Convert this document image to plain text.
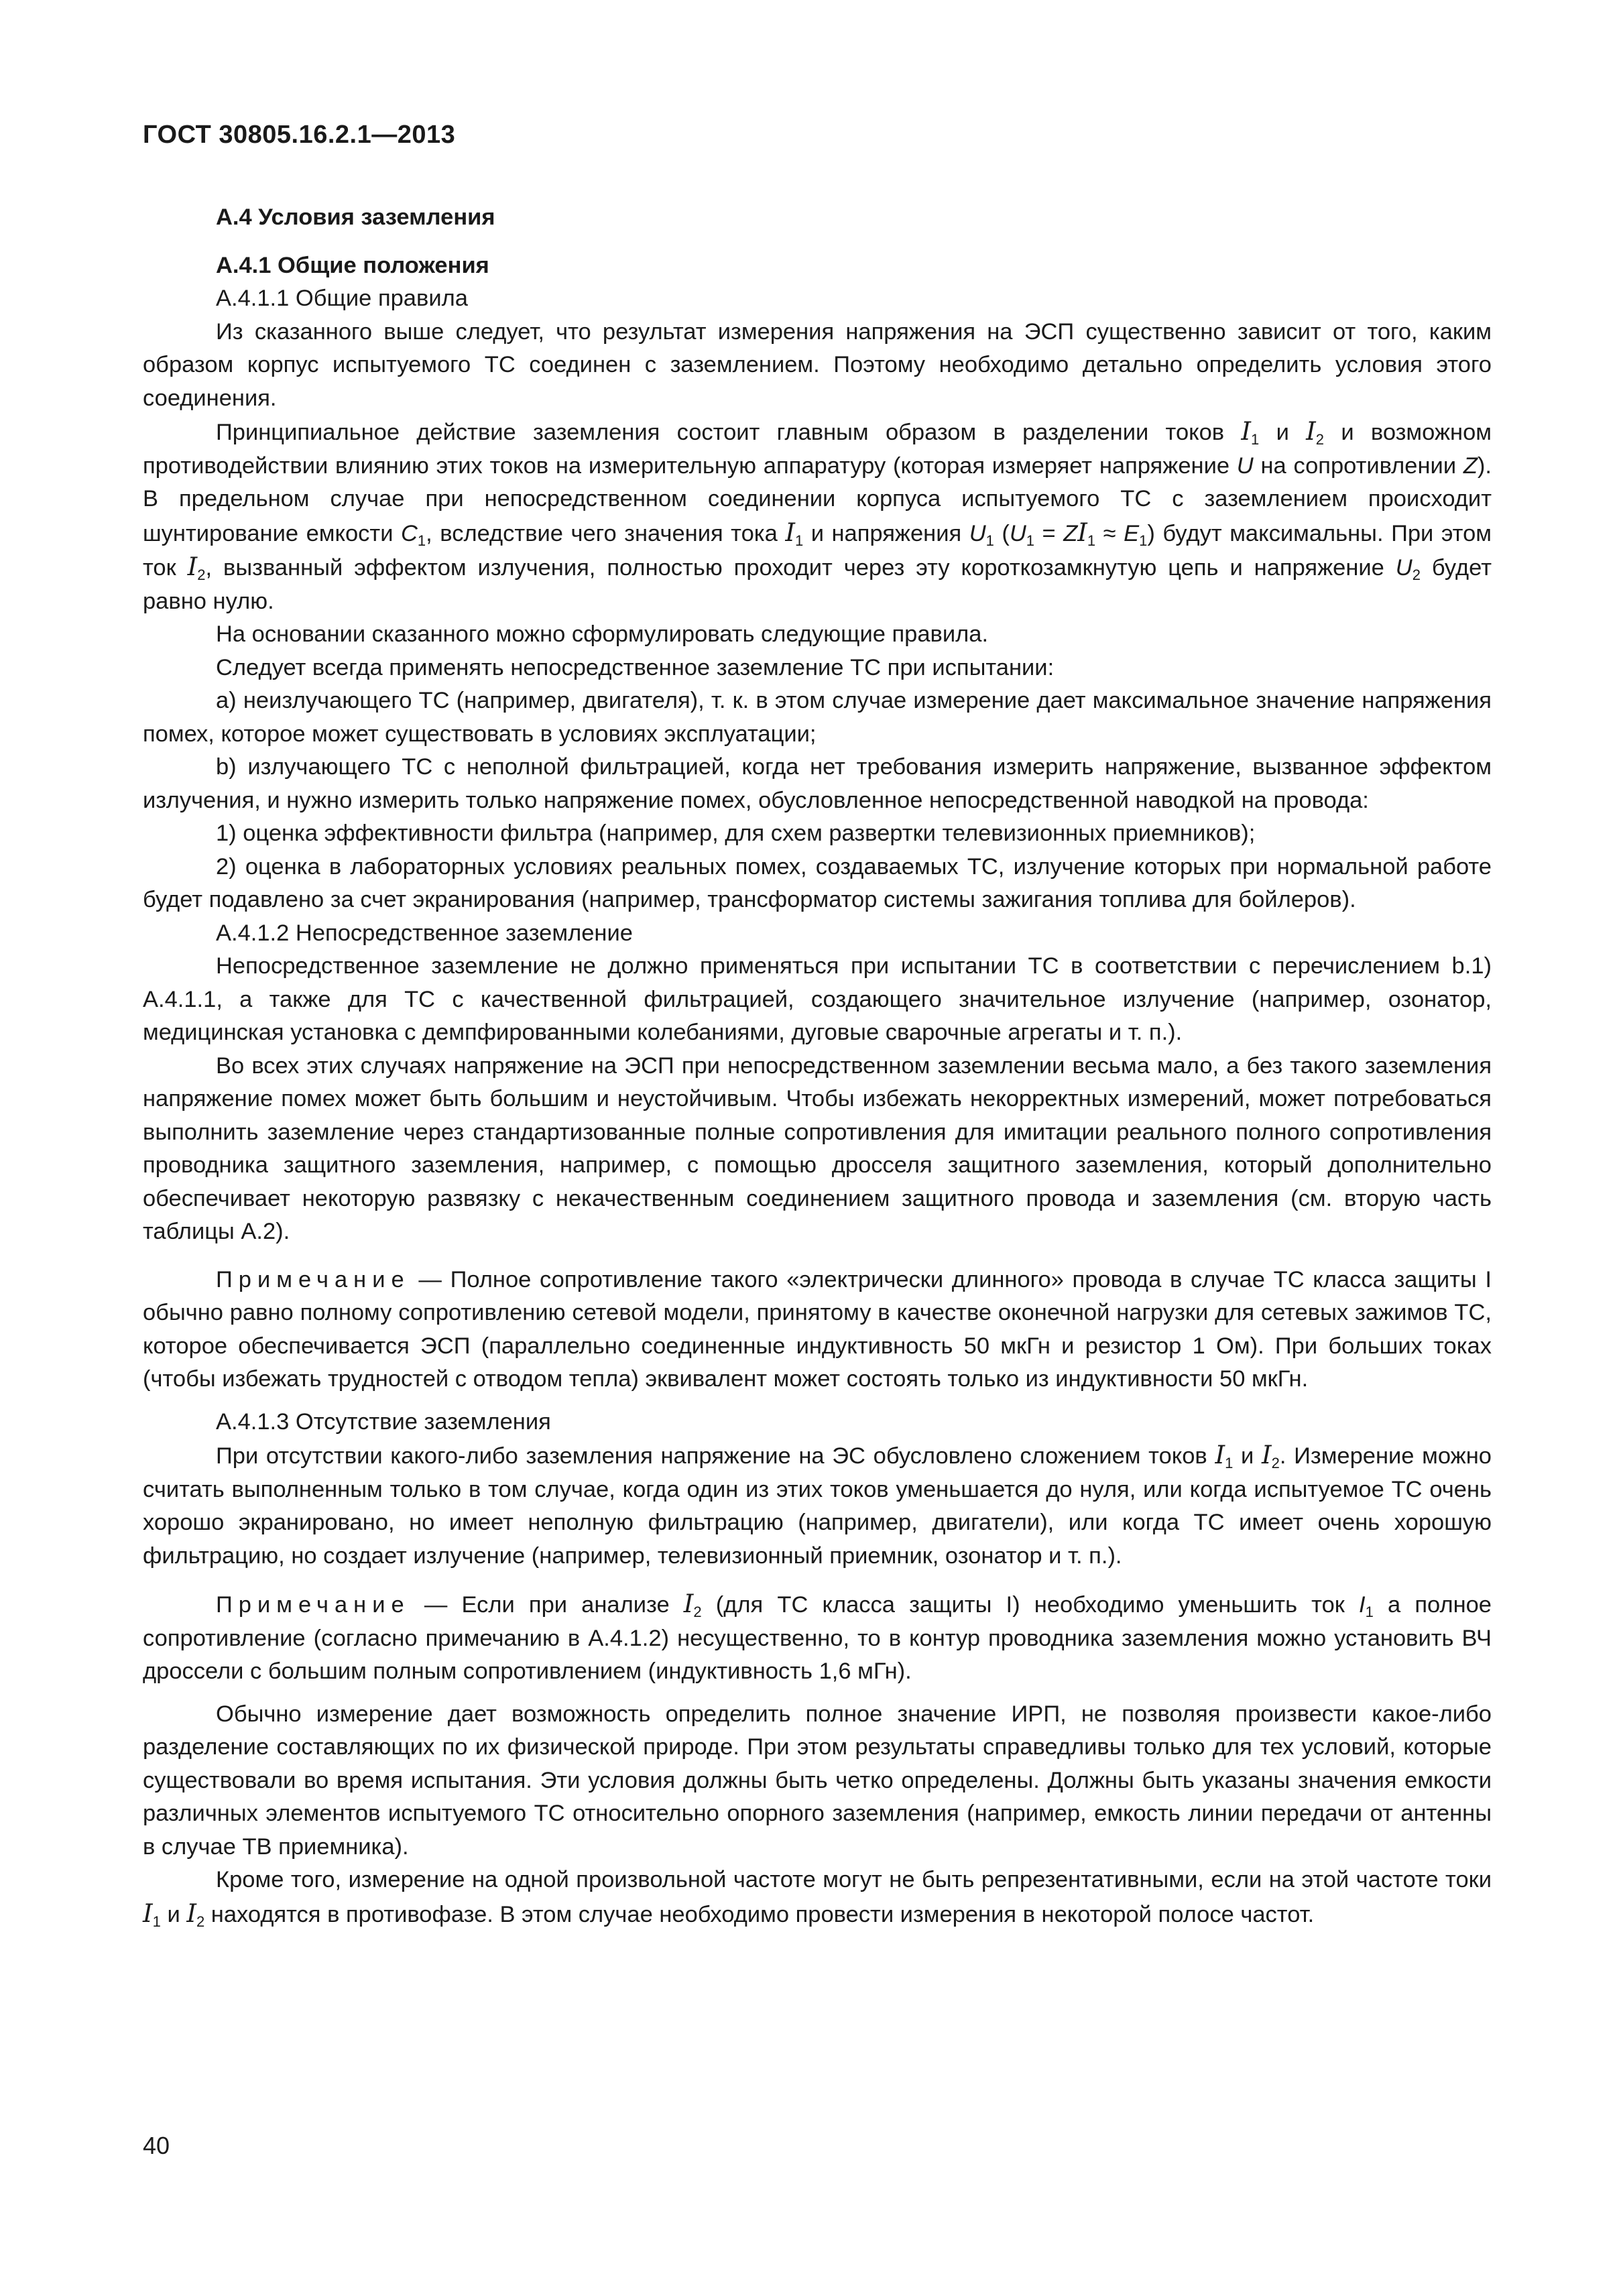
ГОСТ 30805.16.2.1—2013

А.4 Условия заземления

А.4.1 Общие положения

А.4.1.1 Общие правила

Из сказанного выше следует, что результат измерения напряжения на ЭСП существенно зависит от того, каким образом корпус испытуемого ТС соединен с заземлением. Поэтому необходимо детально определить условия этого соединения.

Принципиальное действие заземления состоит главным образом в разделении токов $I_1$ и $I_2$ и возможном противодействии влиянию этих токов на измерительную аппаратуру (которая измеряет напряжение U на сопротивлении Z). В предельном случае при непосредственном соединении корпуса испытуемого ТС с заземлением происходит шунтирование емкости $C_1$, вследствие чего значения тока $I_1$ и напряжения $U_1$ $(U_1 = ZI_1 \approx E_1)$ будут максимальны. При этом ток $I_2$, вызванный эффектом излучения, полностью проходит через эту короткозамкнутую цепь и напряжение $U_2$ будет равно нулю.

На основании сказанного можно сформулировать следующие правила.

Следует всегда применять непосредственное заземление ТС при испытании:

а) неизлучающего ТС (например, двигателя), т. к. в этом случае измерение дает максимальное значение напряжения помех, которое может существовать в условиях эксплуатации;

b) излучающего ТС с неполной фильтрацией, когда нет требования измерить напряжение, вызванное эффектом излучения, и нужно измерить только напряжение помех, обусловленное непосредственной наводкой на провода:

1) оценка эффективности фильтра (например, для схем развертки телевизионных приемников);

2) оценка в лабораторных условиях реальных помех, создаваемых ТС, излучение которых при нормальной работе будет подавлено за счет экранирования (например, трансформатор системы зажигания топлива для бойлеров).

А.4.1.2 Непосредственное заземление

Непосредственное заземление не должно применяться при испытании ТС в соответствии с перечислением b.1) А.4.1.1, а также для ТС с качественной фильтрацией, создающего значительное излучение (например, озонатор, медицинская установка с демпфированными колебаниями, дуговые сварочные агрегаты и т. п.).

Во всех этих случаях напряжение на ЭСП при непосредственном заземлении весьма мало, а без такого заземления напряжение помех может быть большим и неустойчивым. Чтобы избежать некорректных измерений, может потребоваться выполнить заземление через стандартизованные полные сопротивления для имитации реального полного сопротивления проводника защитного заземления, например, с помощью дросселя защитного заземления, который дополнительно обеспечивает некоторую развязку с некачественным соединением защитного провода и заземления (см. вторую часть таблицы А.2).

Примечание — Полное сопротивление такого «электрически длинного» провода в случае ТС класса защиты I обычно равно полному сопротивлению сетевой модели, принятому в качестве оконечной нагрузки для сетевых зажимов ТС, которое обеспечивается ЭСП (параллельно соединенные индуктивность 50 мкГн и резистор 1 Ом). При больших токах (чтобы избежать трудностей с отводом тепла) эквивалент может состоять только из индуктивности 50 мкГн.

А.4.1.3 Отсутствие заземления

При отсутствии какого-либо заземления напряжение на ЭС обусловлено сложением токов $I_1$ и $I_2$. Измерение можно считать выполненным только в том случае, когда один из этих токов уменьшается до нуля, или когда испытуемое ТС очень хорошо экранировано, но имеет неполную фильтрацию (например, двигатели), или когда ТС имеет очень хорошую фильтрацию, но создает излучение (например, телевизионный приемник, озонатор и т. п.).

Примечание — Если при анализе $I_2$ (для ТС класса защиты I) необходимо уменьшить ток $I_1$ а полное сопротивление (согласно примечанию в А.4.1.2) несущественно, то в контур проводника заземления можно установить ВЧ дроссели с большим полным сопротивлением (индуктивность 1,6 мГн).

Обычно измерение дает возможность определить полное значение ИРП, не позволяя произвести какое-либо разделение составляющих по их физической природе. При этом результаты справедливы только для тех условий, которые существовали во время испытания. Эти условия должны быть четко определены. Должны быть указаны значения емкости различных элементов испытуемого ТС относительно опорного заземления (например, емкость линии передачи от антенны в случае ТВ приемника).

Кроме того, измерение на одной произвольной частоте могут не быть репрезентативными, если на этой частоте токи $I_1$ и $I_2$ находятся в противофазе. В этом случае необходимо провести измерения в некоторой полосе частот.

40
